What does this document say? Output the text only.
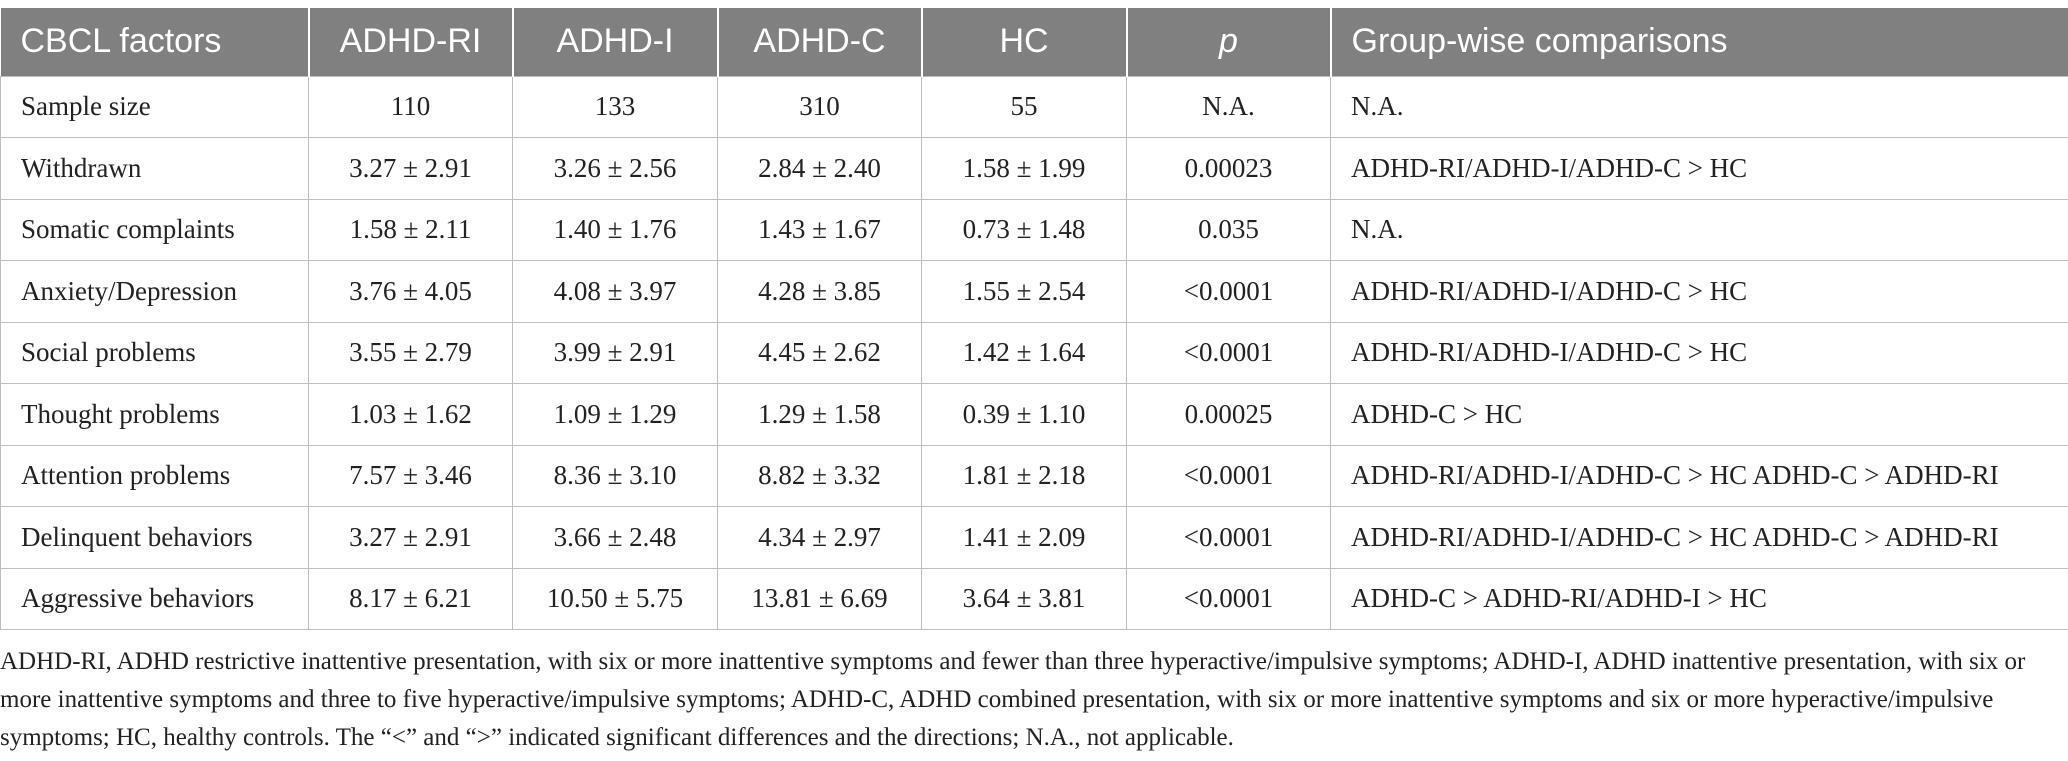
CBCL factors	ADHD-RI	ADHD-I	ADHD-C	HC	p	Group-wise comparisons
Sample size	110	133	310	55	N.A.	N.A.
Withdrawn	3.27 ± 2.91	3.26 ± 2.56	2.84 ± 2.40	1.58 ± 1.99	0.00023	ADHD-RI/ADHD-I/ADHD-C > HC
Somatic complaints	1.58 ± 2.11	1.40 ± 1.76	1.43 ± 1.67	0.73 ± 1.48	0.035	N.A.
Anxiety/Depression	3.76 ± 4.05	4.08 ± 3.97	4.28 ± 3.85	1.55 ± 2.54	<0.0001	ADHD-RI/ADHD-I/ADHD-C > HC
Social problems	3.55 ± 2.79	3.99 ± 2.91	4.45 ± 2.62	1.42 ± 1.64	<0.0001	ADHD-RI/ADHD-I/ADHD-C > HC
Thought problems	1.03 ± 1.62	1.09 ± 1.29	1.29 ± 1.58	0.39 ± 1.10	0.00025	ADHD-C > HC
Attention problems	7.57 ± 3.46	8.36 ± 3.10	8.82 ± 3.32	1.81 ± 2.18	<0.0001	ADHD-RI/ADHD-I/ADHD-C > HC ADHD-C > ADHD-RI
Delinquent behaviors	3.27 ± 2.91	3.66 ± 2.48	4.34 ± 2.97	1.41 ± 2.09	<0.0001	ADHD-RI/ADHD-I/ADHD-C > HC ADHD-C > ADHD-RI
Aggressive behaviors	8.17 ± 6.21	10.50 ± 5.75	13.81 ± 6.69	3.64 ± 3.81	<0.0001	ADHD-C > ADHD-RI/ADHD-I > HC
ADHD-RI, ADHD restrictive inattentive presentation, with six or more inattentive symptoms and fewer than three hyperactive/impulsive symptoms; ADHD-I, ADHD inattentive presentation, with six or more inattentive symptoms and three to five hyperactive/impulsive symptoms; ADHD-C, ADHD combined presentation, with six or more inattentive symptoms and six or more hyperactive/impulsive symptoms; HC, healthy controls. The “<” and “>” indicated significant differences and the directions; N.A., not applicable.
